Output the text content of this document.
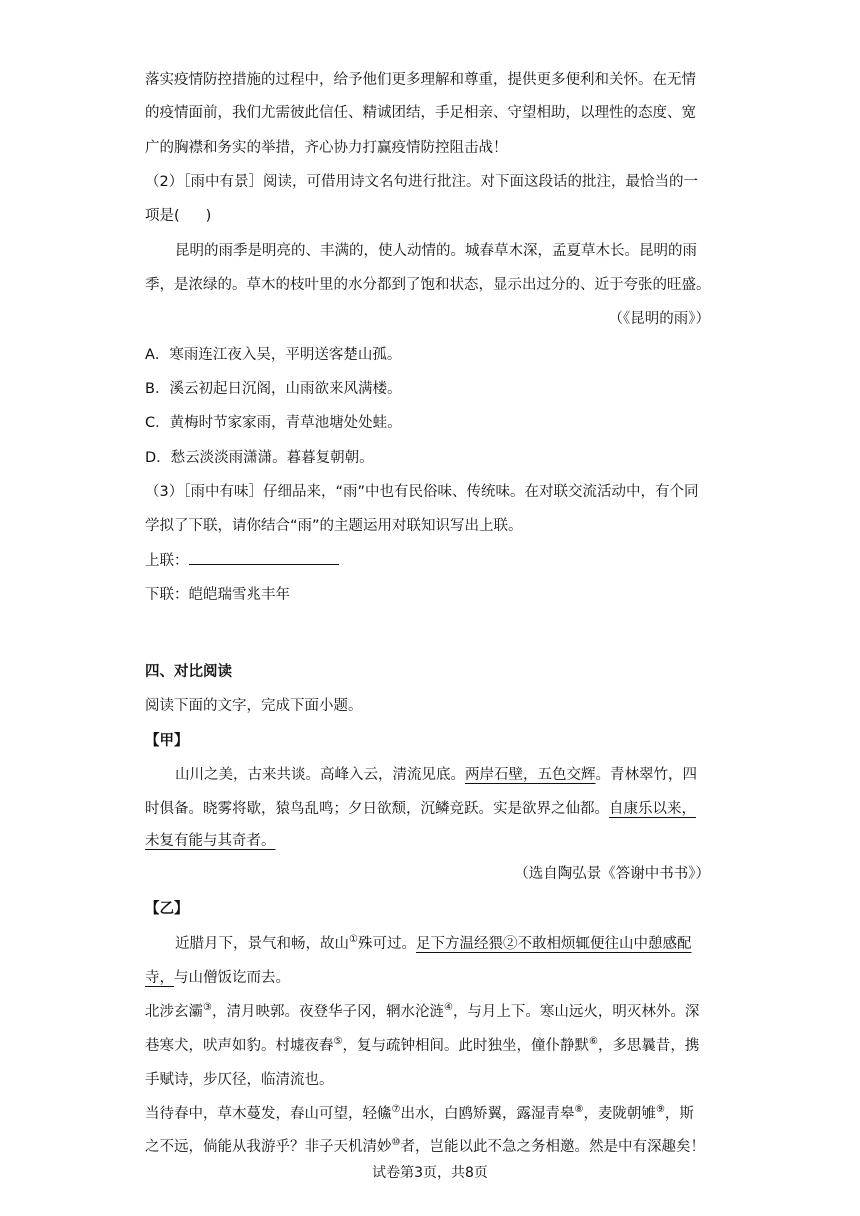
落实疫情防控措施的过程中，给予他们更多理解和尊重，提供更多便利和关怀。在无情
的疫情面前，我们尤需彼此信任、精诚团结，手足相亲、守望相助，以理性的态度、宽
广的胸襟和务实的举措，齐心协力打赢疫情防控阻击战！
（2）［雨中有景］阅读，可借用诗文名句进行批注。对下面这段话的批注，最恰当的一
项是( )
昆明的雨季是明亮的、丰满的，使人动情的。城春草木深，孟夏草木长。昆明的雨
季，是浓绿的。草木的枝叶里的水分都到了饱和状态，显示出过分的、近于夸张的旺盛。
（《昆明的雨》）
A．寒雨连江夜入吴，平明送客楚山孤。
B．溪云初起日沉阁，山雨欲来风满楼。
C．黄梅时节家家雨，青草池塘处处蛙。
D．愁云淡淡雨潇潇。暮暮复朝朝。
（3）［雨中有味］仔细品来，“雨”中也有民俗味、传统味。在对联交流活动中，有个同
学拟了下联，请你结合“雨”的主题运用对联知识写出上联。
上联：
下联：皑皑瑞雪兆丰年
四、对比阅读
阅读下面的文字，完成下面小题。
【甲】
山川之美，古来共谈。高峰入云，清流见底。两岸石壁，五色交辉。青林翠竹，四
时俱备。晓雾将歇，猿鸟乱鸣；夕日欲颓，沉鳞竞跃。实是欲界之仙都。自康乐以来，
未复有能与其奇者。
（选自陶弘景《答谢中书书》）
【乙】
近腊月下，景气和畅，故山①殊可过。足下方温经猥②不敢相烦辄便往山中憩感配
寺，与山僧饭讫而去。
北涉玄灞③，清月映郭。夜登华子冈，辋水沦涟④，与月上下。寒山远火，明灭林外。深
巷寒犬，吠声如豹。村墟夜舂⑤，复与疏钟相间。此时独坐，僮仆静默⑥，多思曩昔，携
手赋诗，步仄径，临清流也。
当待春中，草木蔓发，春山可望，轻鯈⑦出水，白鸥矫翼，露湿青皋⑧，麦陇朝雊⑨，斯
之不远，倘能从我游乎？非子天机清妙⑩者，岂能以此不急之务相邀。然是中有深趣矣！
试卷第3页，共8页
